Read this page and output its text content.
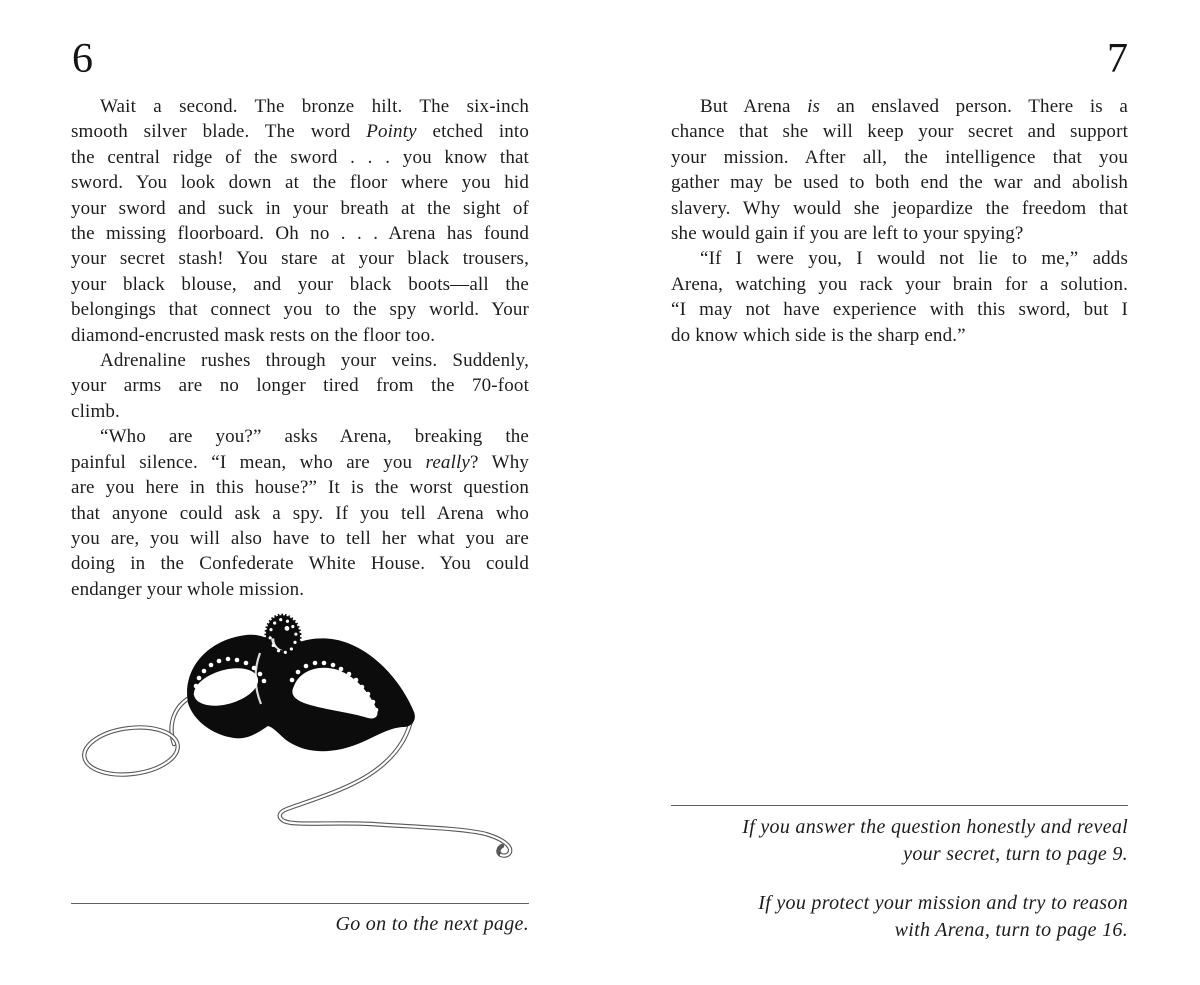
6	7
Wait a second. The bronze hilt. The six-inch
smooth silver blade. The word Pointy etched into
the central ridge of the sword . . . you know that
sword. You look down at the floor where you hid
your sword and suck in your breath at the sight of
the missing floorboard. Oh no . . . Arena has found
your secret stash! You stare at your black trousers,
your black blouse, and your black boots—all the
belongings that connect you to the spy world. Your
diamond-encrusted mask rests on the floor too.
Adrenaline rushes through your veins. Suddenly,
your arms are no longer tired from the 70-foot
climb.
“Who are you?” asks Arena, breaking the
painful silence. “I mean, who are you really? Why
are you here in this house?” It is the worst question
that anyone could ask a spy. If you tell Arena who
you are, you will also have to tell her what you are
doing in the Confederate White House. You could
endanger your whole mission.
Go on to the next page.
But Arena is an enslaved person. There is a
chance that she will keep your secret and support
your mission. After all, the intelligence that you
gather may be used to both end the war and abolish
slavery. Why would she jeopardize the freedom that
she would gain if you are left to your spying?
“If I were you, I would not lie to me,” adds
Arena, watching you rack your brain for a solution.
“I may not have experience with this sword, but I
do know which side is the sharp end.”
If you answer the question honestly and reveal
your secret, turn to page 9.
If you protect your mission and try to reason
with Arena, turn to page 16.
